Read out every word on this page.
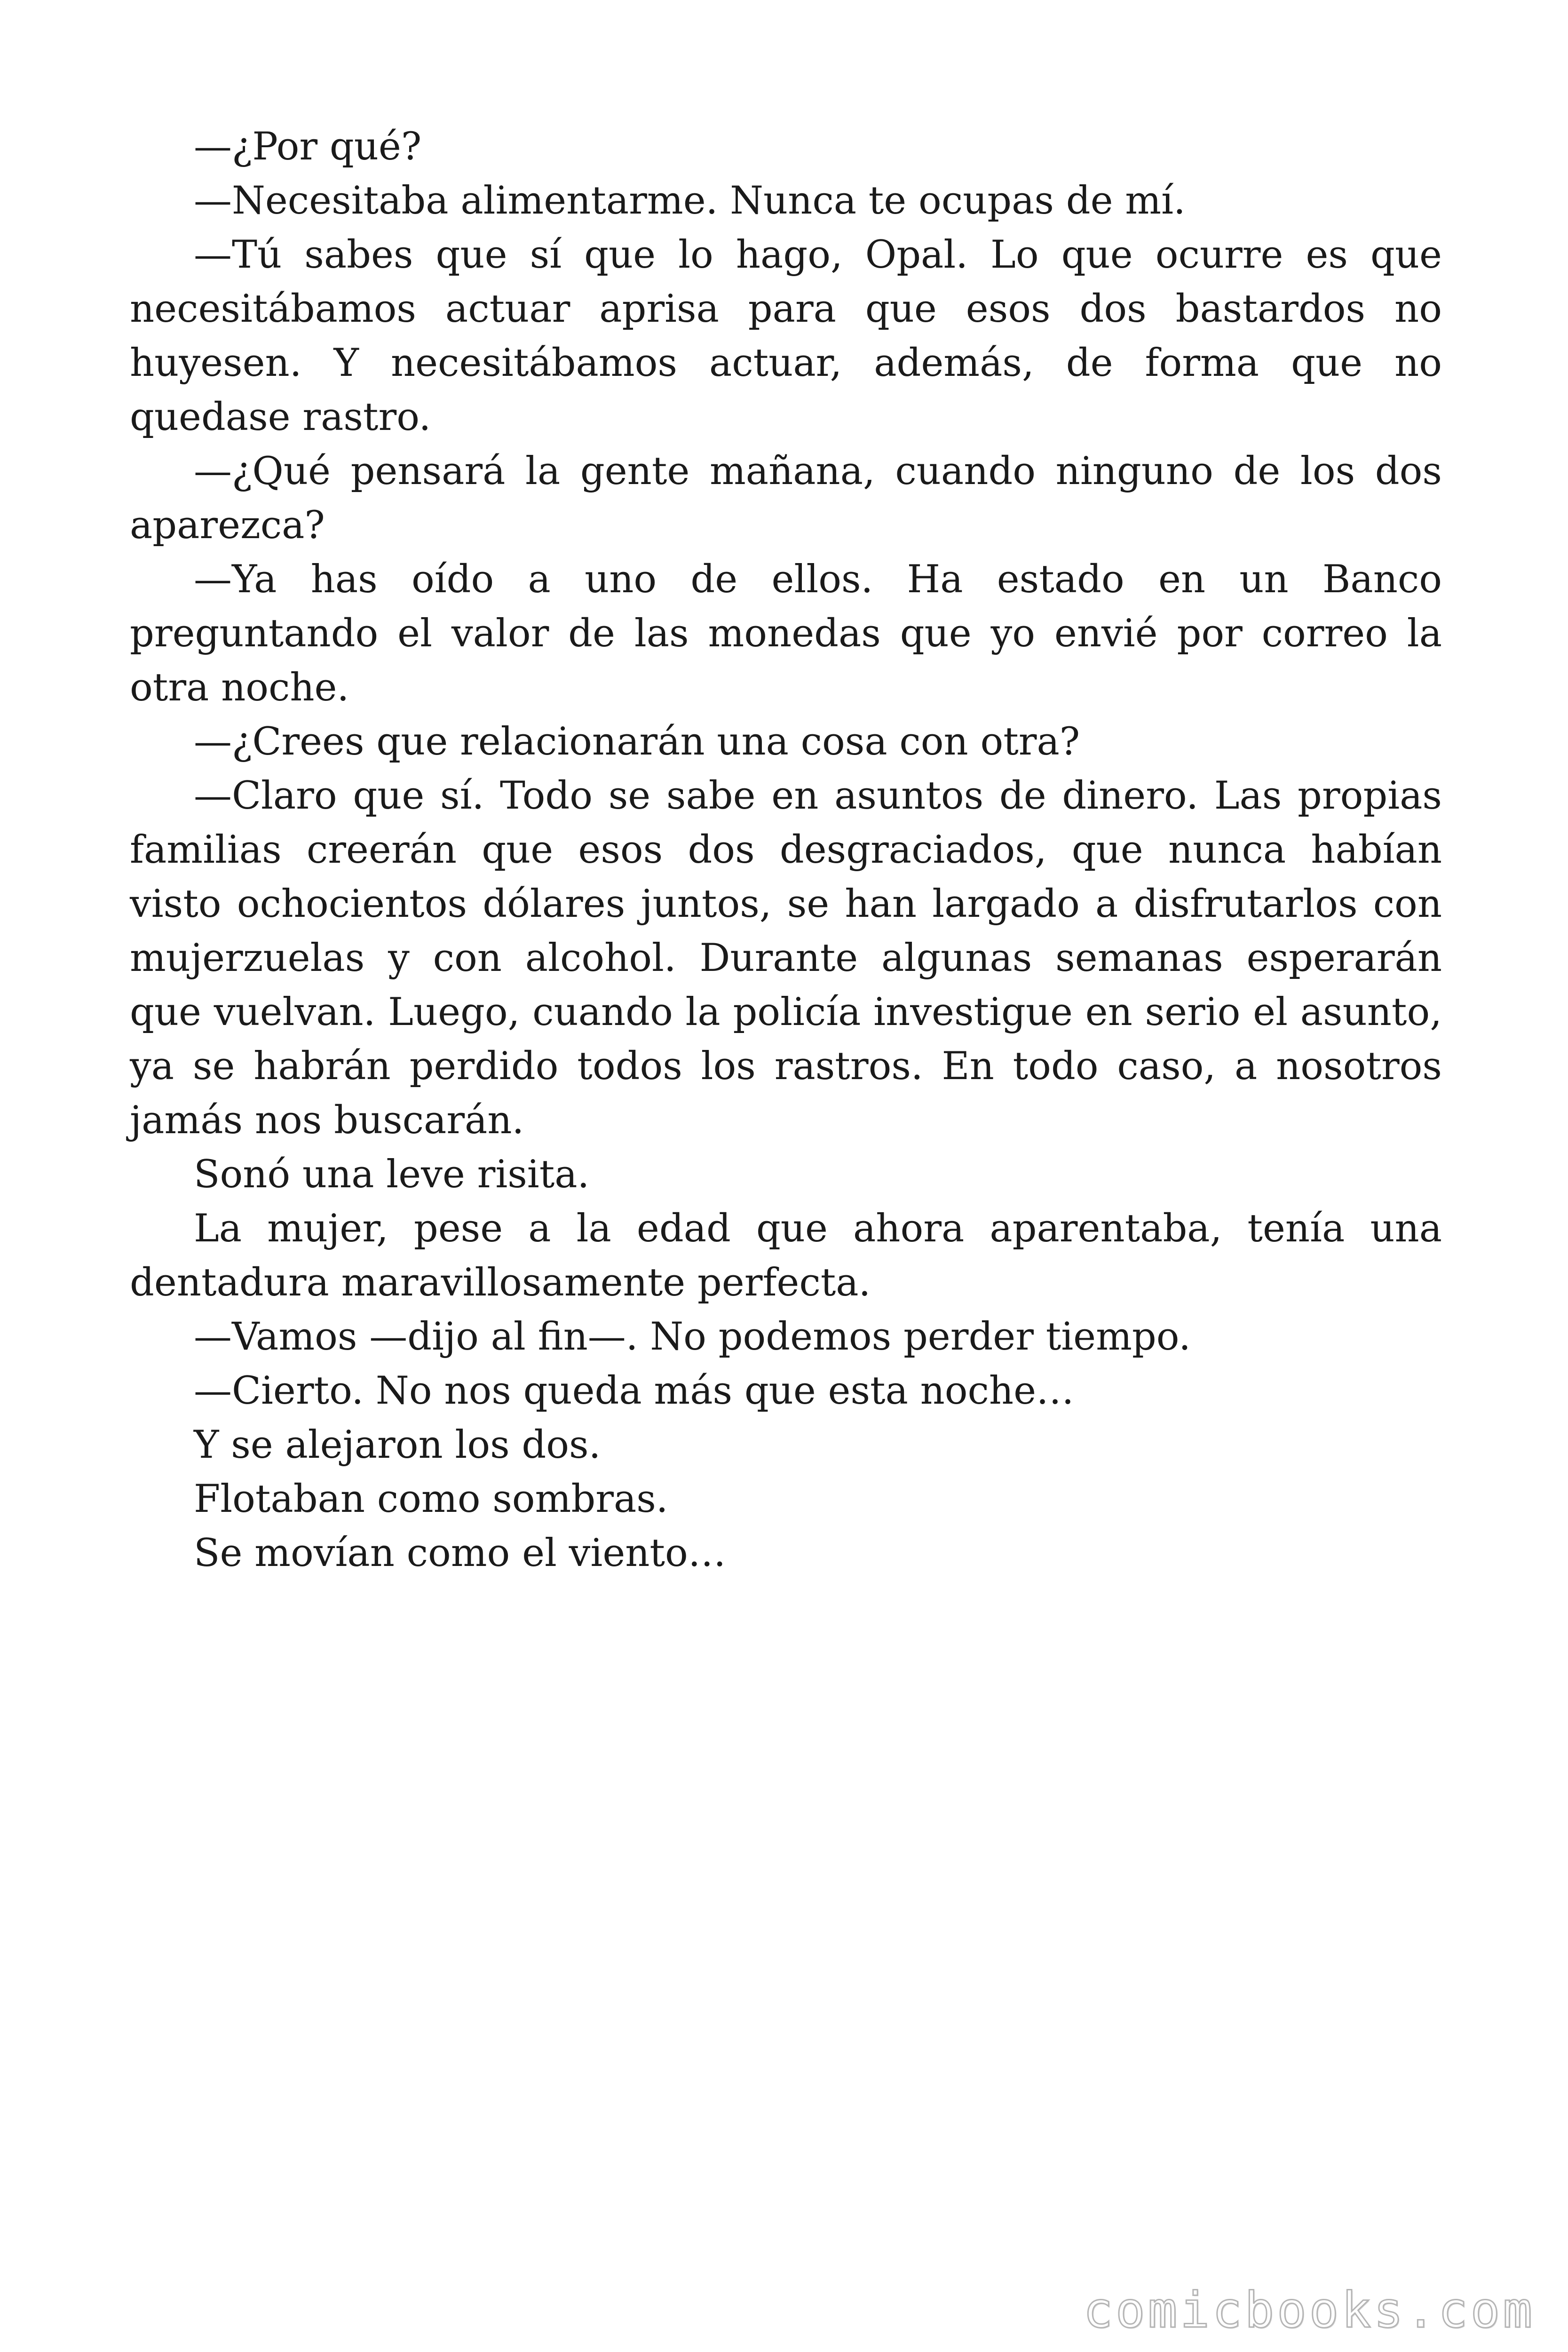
—¿Por qué?

—Necesitaba alimentarme. Nunca te ocupas de mí.

—Tú sabes que sí que lo hago, Opal. Lo que ocurre es que necesitábamos actuar aprisa para que esos dos bastardos no huyesen. Y necesitábamos actuar, además, de forma que no quedase rastro.

—¿Qué pensará la gente mañana, cuando ninguno de los dos aparezca?

—Ya has oído a uno de ellos. Ha estado en un Banco preguntando el valor de las monedas que yo envié por correo la otra noche.

—¿Crees que relacionarán una cosa con otra?

—Claro que sí. Todo se sabe en asuntos de dinero. Las propias familias creerán que esos dos desgraciados, que nunca habían visto ochocientos dólares juntos, se han largado a disfrutarlos con mujerzuelas y con alcohol. Durante algunas semanas esperarán que vuelvan. Luego, cuando la policía investigue en serio el asunto, ya se habrán perdido todos los rastros. En todo caso, a nosotros jamás nos buscarán.

Sonó una leve risita.

La mujer, pese a la edad que ahora aparentaba, tenía una dentadura maravillosamente perfecta.

—Vamos —dijo al fin—. No podemos perder tiempo.

—Cierto. No nos queda más que esta noche…

Y se alejaron los dos.

Flotaban como sombras.

Se movían como el viento…

comicbooks.com
